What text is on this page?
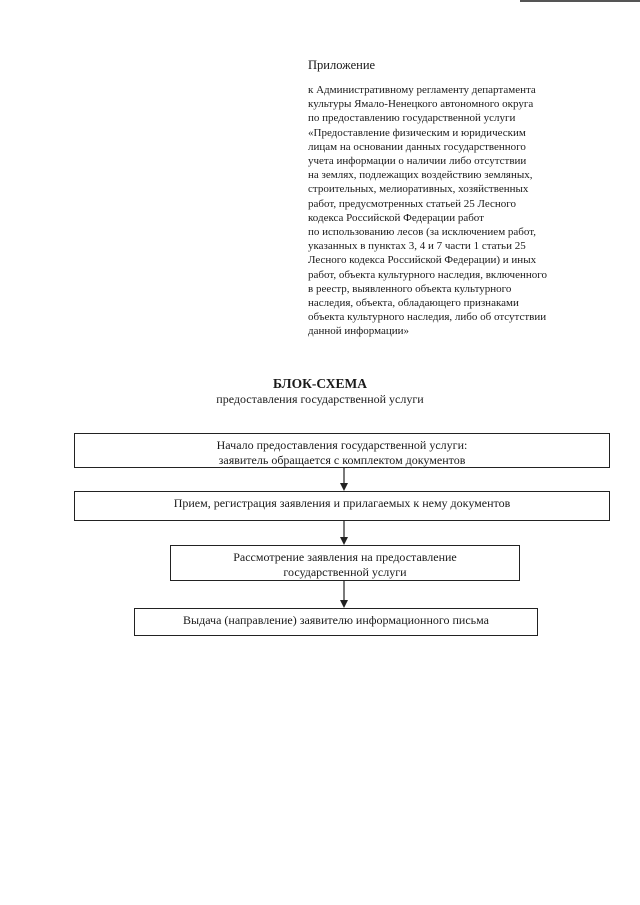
Приложение
к Административному регламенту департамента
культуры Ямало-Ненецкого автономного округа
по предоставлению государственной услуги
«Предоставление физическим и юридическим
лицам на основании данных государственного
учета информации о наличии либо отсутствии
на землях, подлежащих воздействию земляных,
строительных, мелиоративных, хозяйственных
работ, предусмотренных статьей 25 Лесного
кодекса Российской Федерации работ
по использованию лесов (за исключением работ,
указанных в пунктах 3, 4 и 7 части 1 статьи 25
Лесного кодекса Российской Федерации) и иных
работ, объекта культурного наследия, включенного
в реестр, выявленного объекта культурного
наследия, объекта, обладающего признаками
объекта культурного наследия, либо об отсутствии
данной информации»
БЛОК-СХЕМА
предоставления государственной услуги
Начало предоставления государственной услуги:
заявитель обращается с комплектом документов
Прием, регистрация заявления и прилагаемых к нему документов
Рассмотрение заявления на предоставление
государственной услуги
Выдача (направление) заявителю информационного письма
